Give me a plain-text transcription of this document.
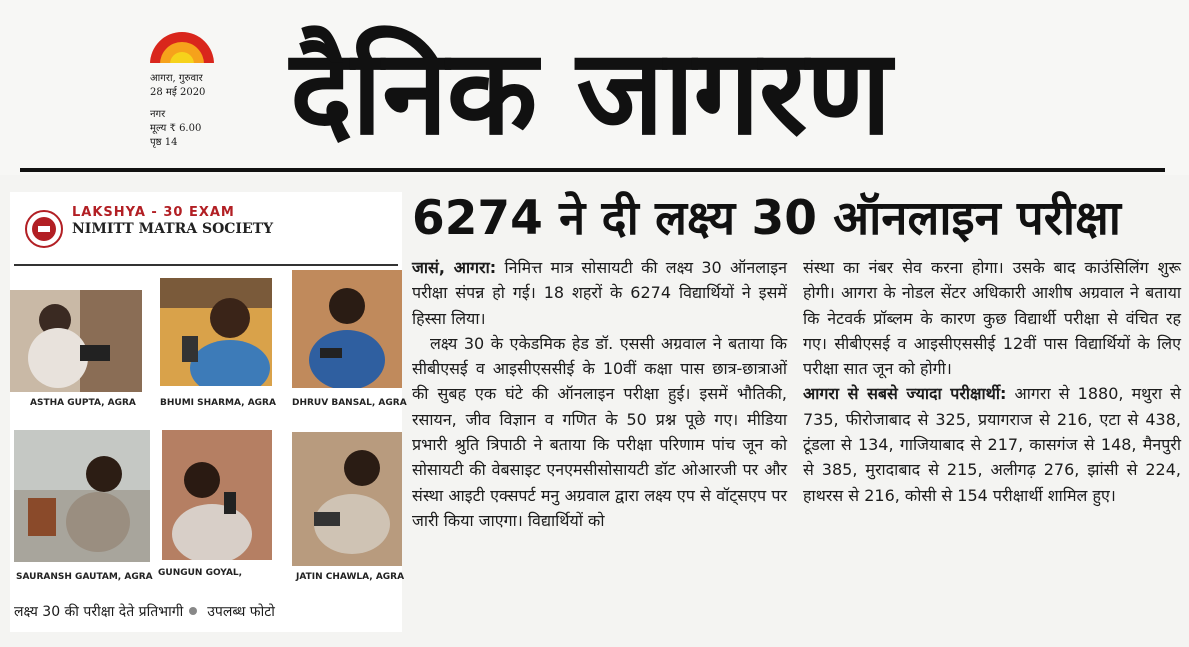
आगरा, गुरुवार
28 मई 2020
नगर
मूल्य ₹ 6.00
पृष्ठ 14 दैनिक जागरण
LAKSHYA - 30 EXAM
NIMITT MATRA SOCIETY
ASTHA GUPTA, AGRA	BHUMI SHARMA, AGRA DHRUV BANSAL, AGRA
SAURANSH GAUTAM, AGRA GUNGUN GOYAL,	JATIN CHAWLA, AGRA
लक्ष्य 30 की परीक्षा देते प्रतिभागी उपलब्ध फोटो
6274 ने दी लक्ष्य 30 ऑनलाइन परीक्षा

जासं, आगरा: निमित्त मात्र सोसायटी की लक्ष्य 30 ऑनलाइन परीक्षा संपन्न हो गई। 18 शहरों के 6274 विद्यार्थियों ने इसमें हिस्सा लिया।

लक्ष्य 30 के एकेडमिक हेड डॉ. एससी अग्रवाल ने बताया कि सीबीएसई व आइसीएससीई के 10वीं कक्षा पास छात्र-छात्राओं की सुबह एक घंटे की ऑनलाइन परीक्षा हुई। इसमें भौतिकी, रसायन, जीव विज्ञान व गणित के 50 प्रश्न पूछे गए। मीडिया प्रभारी श्रुति त्रिपाठी ने बताया कि परीक्षा परिणाम पांच जून को सोसायटी की वेबसाइट एनएमसीसोसायटी डॉट ओआरजी पर और संस्था आइटी एक्सपर्ट मनु अग्रवाल द्वारा लक्ष्य एप से वॉट्सएप पर जारी किया जाएगा। विद्यार्थियों को

संस्था का नंबर सेव करना होगा। उसके बाद काउंसिलिंग शुरू होगी। आगरा के नोडल सेंटर अधिकारी आशीष अग्रवाल ने बताया कि नेटवर्क प्रॉब्लम के कारण कुछ विद्यार्थी परीक्षा से वंचित रह गए। सीबीएसई व आइसीएससीई 12वीं पास विद्यार्थियों के लिए परीक्षा सात जून को होगी।

आगरा से सबसे ज्यादा परीक्षार्थी: आगरा से 1880, मथुरा से 735, फीरोजाबाद से 325, प्रयागराज से 216, एटा से 438, टूंडला से 134, गाजियाबाद से 217, कासगंज से 148, मैनपुरी से 385, मुरादाबाद से 215, अलीगढ़ 276, झांसी से 224, हाथरस से 216, कोसी से 154 परीक्षार्थी शामिल हुए।
